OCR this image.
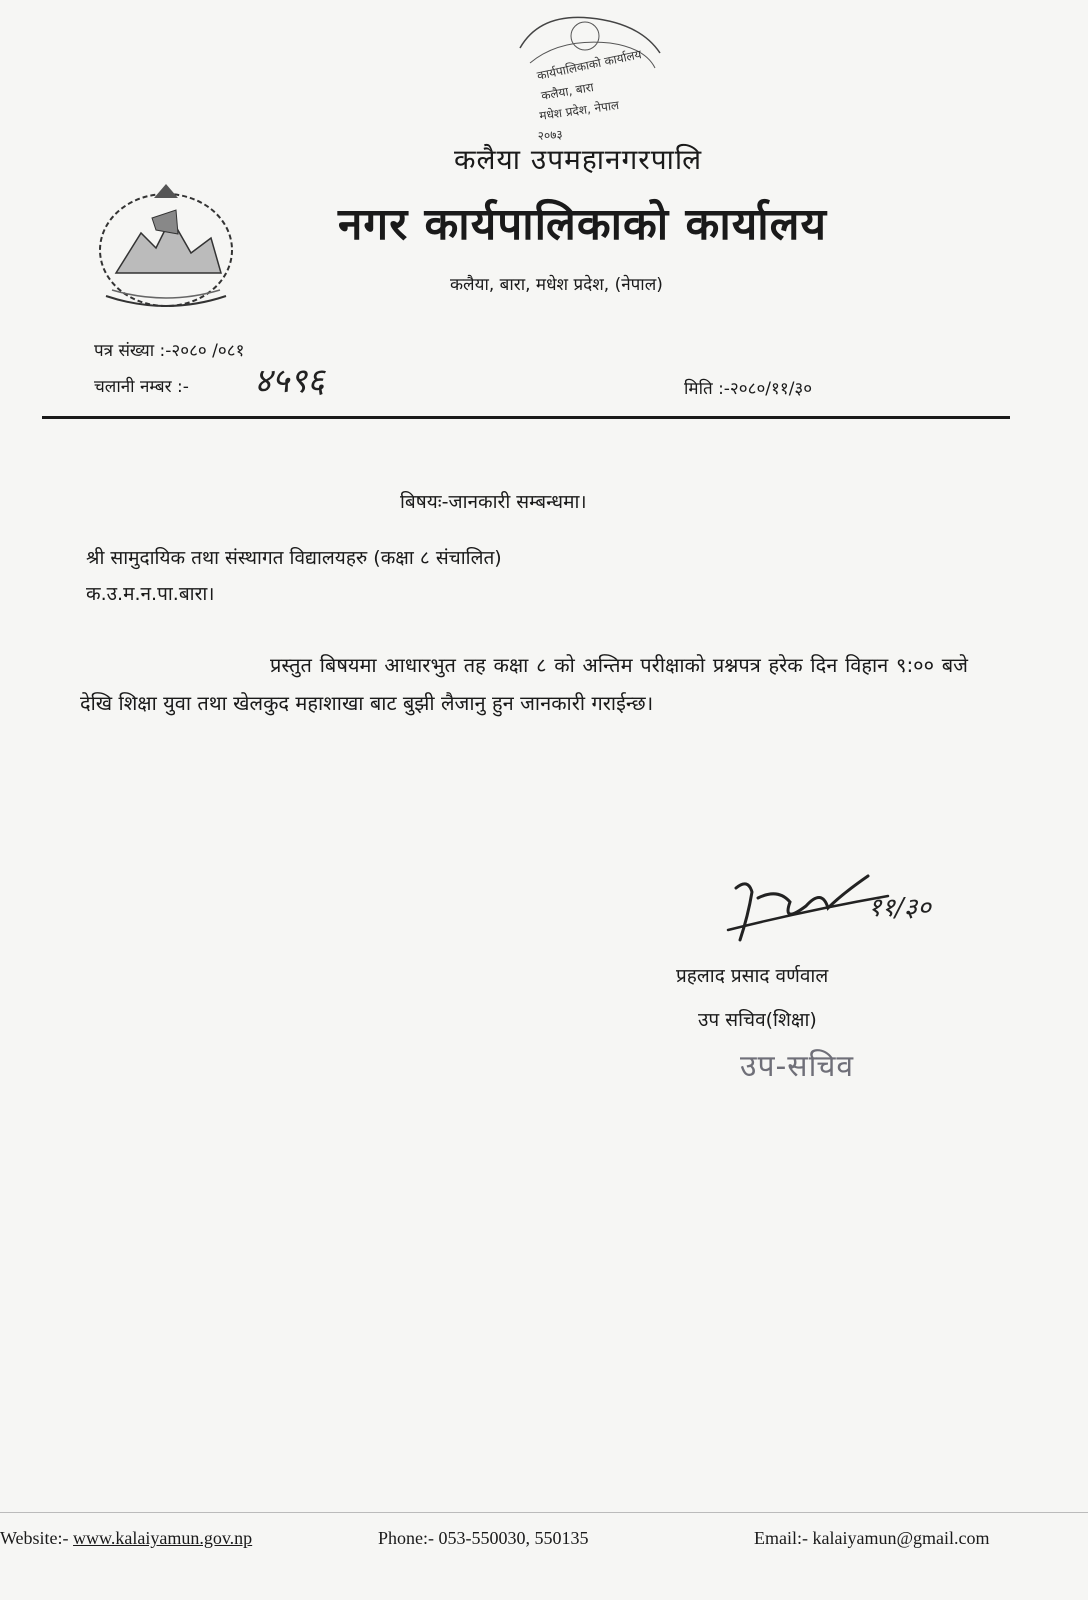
कार्यपालिकाको कार्यालय
कलैया, बारा
मधेश प्रदेश, नेपाल
२०७३
कलैया उपमहानगरपालि
नगर कार्यपालिकाको कार्यालय
कलैया, बारा, मधेश प्रदेश, (नेपाल)
पत्र संख्या :-२०८० /०८१
चलानी नम्बर :- ४५९६	मिति :-२०८०/११/३०
बिषयः-जानकारी सम्बन्धमा।
श्री सामुदायिक तथा संस्थागत विद्यालयहरु (कक्षा ८ संचालित)
क.उ.म.न.पा.बारा।
प्रस्तुत बिषयमा आधारभुत तह कक्षा ८ को अन्तिम परीक्षाको प्रश्नपत्र हरेक दिन विहान ९:०० बजे देखि शिक्षा युवा तथा खेलकुद महाशाखा बाट बुझी लैजानु हुन जानकारी गराईन्छ।
११/३०
प्रहलाद प्रसाद वर्णवाल
उप सचिव(शिक्षा)
उप-सचिव
Website:- www.kalaiyamun.gov.np	Phone:- 053-550030, 550135	Email:- kalaiyamun@gmail.com
